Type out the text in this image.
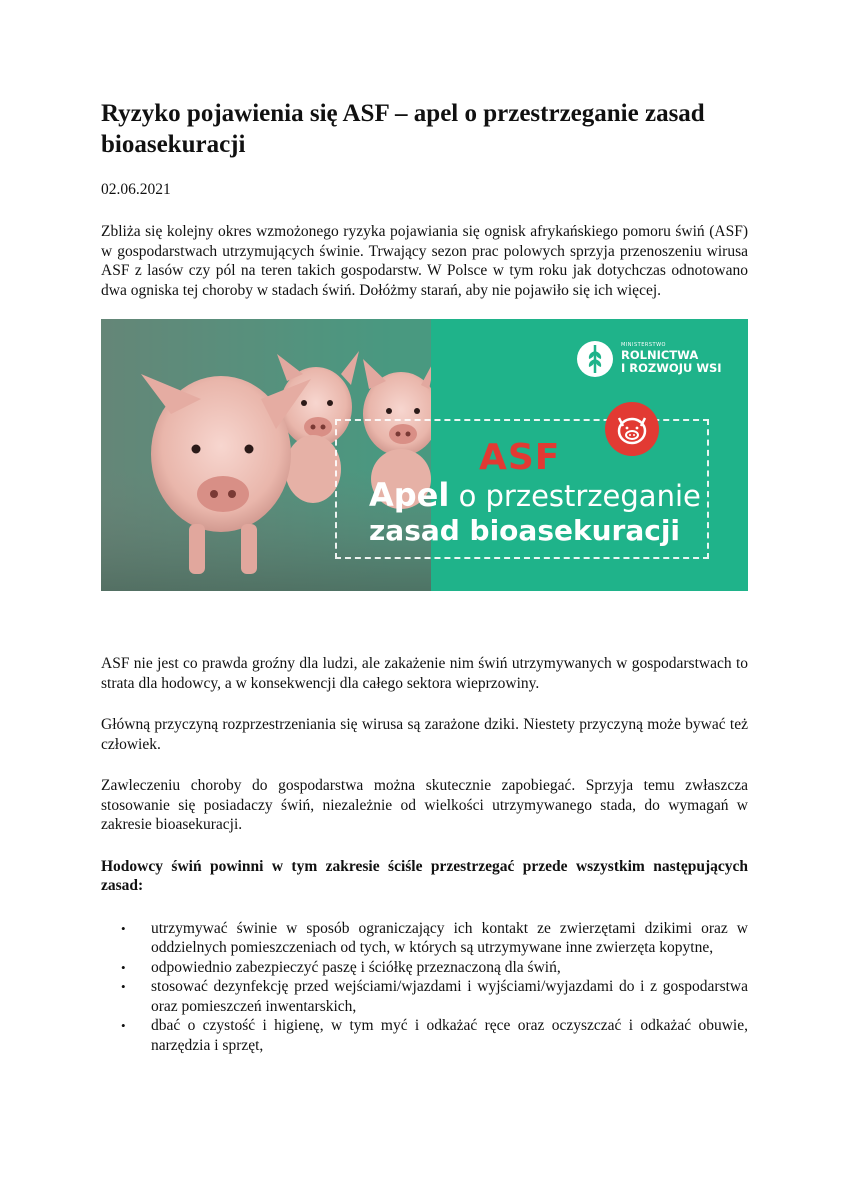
Ryzyko pojawienia się ASF – apel o przestrzeganie zasad bioasekuracji
02.06.2021

Zbliża się kolejny okres wzmożonego ryzyka pojawiania się ognisk afrykańskiego pomoru świń (ASF) w gospodarstwach utrzymujących świnie. Trwający sezon prac polowych sprzyja przenoszeniu wirusa ASF z lasów czy pól na teren takich gospodarstw. W Polsce w tym roku jak dotychczas odnotowano dwa ogniska tej choroby w stadach świń. Dołóżmy starań, aby nie pojawiło się ich więcej.

MINISTERSTWO
ROLNICTWA
I ROZWOJU WSI
ASF
Apel o przestrzeganie
zasad bioasekuracji

ASF nie jest co prawda groźny dla ludzi, ale zakażenie nim świń utrzymywanych w gospodarstwach to strata dla hodowcy, a w konsekwencji dla całego sektora wieprzowiny.

Główną przyczyną rozprzestrzeniania się wirusa są zarażone dziki. Niestety przyczyną może bywać też człowiek.

Zawleczeniu choroby do gospodarstwa można skutecznie zapobiegać. Sprzyja temu zwłaszcza stosowanie się posiadaczy świń, niezależnie od wielkości utrzymywanego stada, do wymagań w zakresie bioasekuracji.

Hodowcy świń powinni w tym zakresie ściśle przestrzegać przede wszystkim następujących zasad:

• utrzymywać świnie w sposób ograniczający ich kontakt ze zwierzętami dzikimi oraz w oddzielnych pomieszczeniach od tych, w których są utrzymywane inne zwierzęta kopytne,
• odpowiednio zabezpieczyć paszę i ściółkę przeznaczoną dla świń,
• stosować dezynfekcję przed wejściami/wjazdami i wyjściami/wyjazdami do i z gospodarstwa oraz pomieszczeń inwentarskich,
• dbać o czystość i higienę, w tym myć i odkażać ręce oraz oczyszczać i odkażać obuwie, narzędzia i sprzęt,
